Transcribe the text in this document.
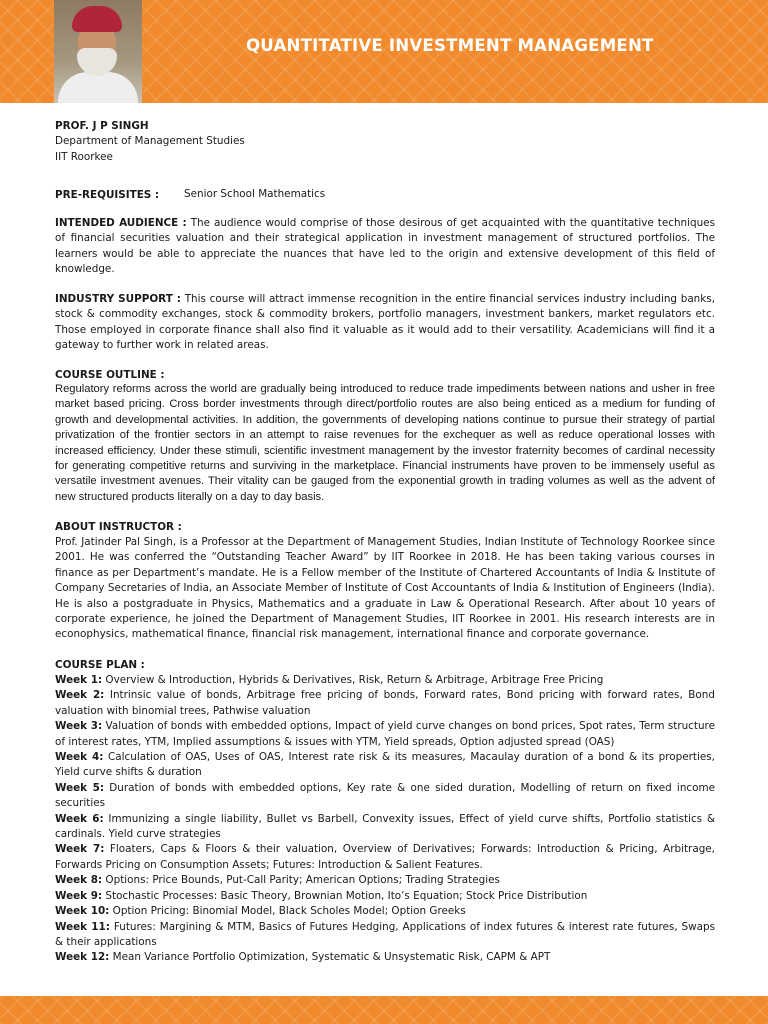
QUANTITATIVE INVESTMENT MANAGEMENT
PROF. J P SINGH
Department of Management Studies
IIT Roorkee
PRE-REQUISITES :	Senior School Mathematics
INTENDED AUDIENCE : The audience would comprise of those desirous of get acquainted with the quantitative techniques of financial securities valuation and their strategical application in investment management of structured portfolios. The learners would be able to appreciate the nuances that have led to the origin and extensive development of this field of knowledge.
INDUSTRY SUPPORT : This course will attract immense recognition in the entire financial services industry including banks, stock & commodity exchanges, stock & commodity brokers, portfolio managers, investment bankers, market regulators etc. Those employed in corporate finance shall also find it valuable as it would add to their versatility. Academicians will find it a gateway to further work in related areas.
COURSE OUTLINE :
Regulatory reforms across the world are gradually being introduced to reduce trade impediments between nations and usher in free market based pricing. Cross border investments through direct/portfolio routes are also being enticed as a medium for funding of growth and developmental activities. In addition, the governments of developing nations continue to pursue their strategy of partial privatization of the frontier sectors in an attempt to raise revenues for the exchequer as well as reduce operational losses with increased efficiency. Under these stimuli, scientific investment management by the investor fraternity becomes of cardinal necessity for generating competitive returns and surviving in the marketplace. Financial instruments have proven to be immensely useful as versatile investment avenues. Their vitality can be gauged from the exponential growth in trading volumes as well as the advent of new structured products literally on a day to day basis.
ABOUT INSTRUCTOR :
Prof. Jatinder Pal Singh, is a Professor at the Department of Management Studies, Indian Institute of Technology Roorkee since 2001. He was conferred the “Outstanding Teacher Award” by IIT Roorkee in 2018. He has been taking various courses in finance as per Department’s mandate. He is a Fellow member of the Institute of Chartered Accountants of India & Institute of Company Secretaries of India, an Associate Member of Institute of Cost Accountants of India & Institution of Engineers (India). He is also a postgraduate in Physics, Mathematics and a graduate in Law & Operational Research. After about 10 years of corporate experience, he joined the Department of Management Studies, IIT Roorkee in 2001. His research interests are in econophysics, mathematical finance, financial risk management, international finance and corporate governance.
COURSE PLAN :
Week 1: Overview & Introduction, Hybrids & Derivatives, Risk, Return & Arbitrage, Arbitrage Free Pricing
Week 2: Intrinsic value of bonds, Arbitrage free pricing of bonds, Forward rates, Bond pricing with forward rates, Bond valuation with binomial trees, Pathwise valuation
Week 3: Valuation of bonds with embedded options, Impact of yield curve changes on bond prices, Spot rates, Term structure of interest rates, YTM, Implied assumptions & issues with YTM, Yield spreads, Option adjusted spread (OAS)
Week 4: Calculation of OAS, Uses of OAS, Interest rate risk & its measures, Macaulay duration of a bond & its properties, Yield curve shifts & duration
Week 5: Duration of bonds with embedded options, Key rate & one sided duration, Modelling of return on fixed income securities
Week 6: Immunizing a single liability, Bullet vs Barbell, Convexity issues, Effect of yield curve shifts, Portfolio statistics & cardinals. Yield curve strategies
Week 7: Floaters, Caps & Floors & their valuation, Overview of Derivatives; Forwards: Introduction & Pricing, Arbitrage, Forwards Pricing on Consumption Assets; Futures: Introduction & Salient Features.
Week 8: Options: Price Bounds, Put-Call Parity; American Options; Trading Strategies
Week 9: Stochastic Processes: Basic Theory, Brownian Motion, Ito’s Equation; Stock Price Distribution
Week 10: Option Pricing: Binomial Model, Black Scholes Model; Option Greeks
Week 11: Futures: Margining & MTM, Basics of Futures Hedging, Applications of index futures & interest rate futures, Swaps & their applications
Week 12: Mean Variance Portfolio Optimization, Systematic & Unsystematic Risk, CAPM & APT
